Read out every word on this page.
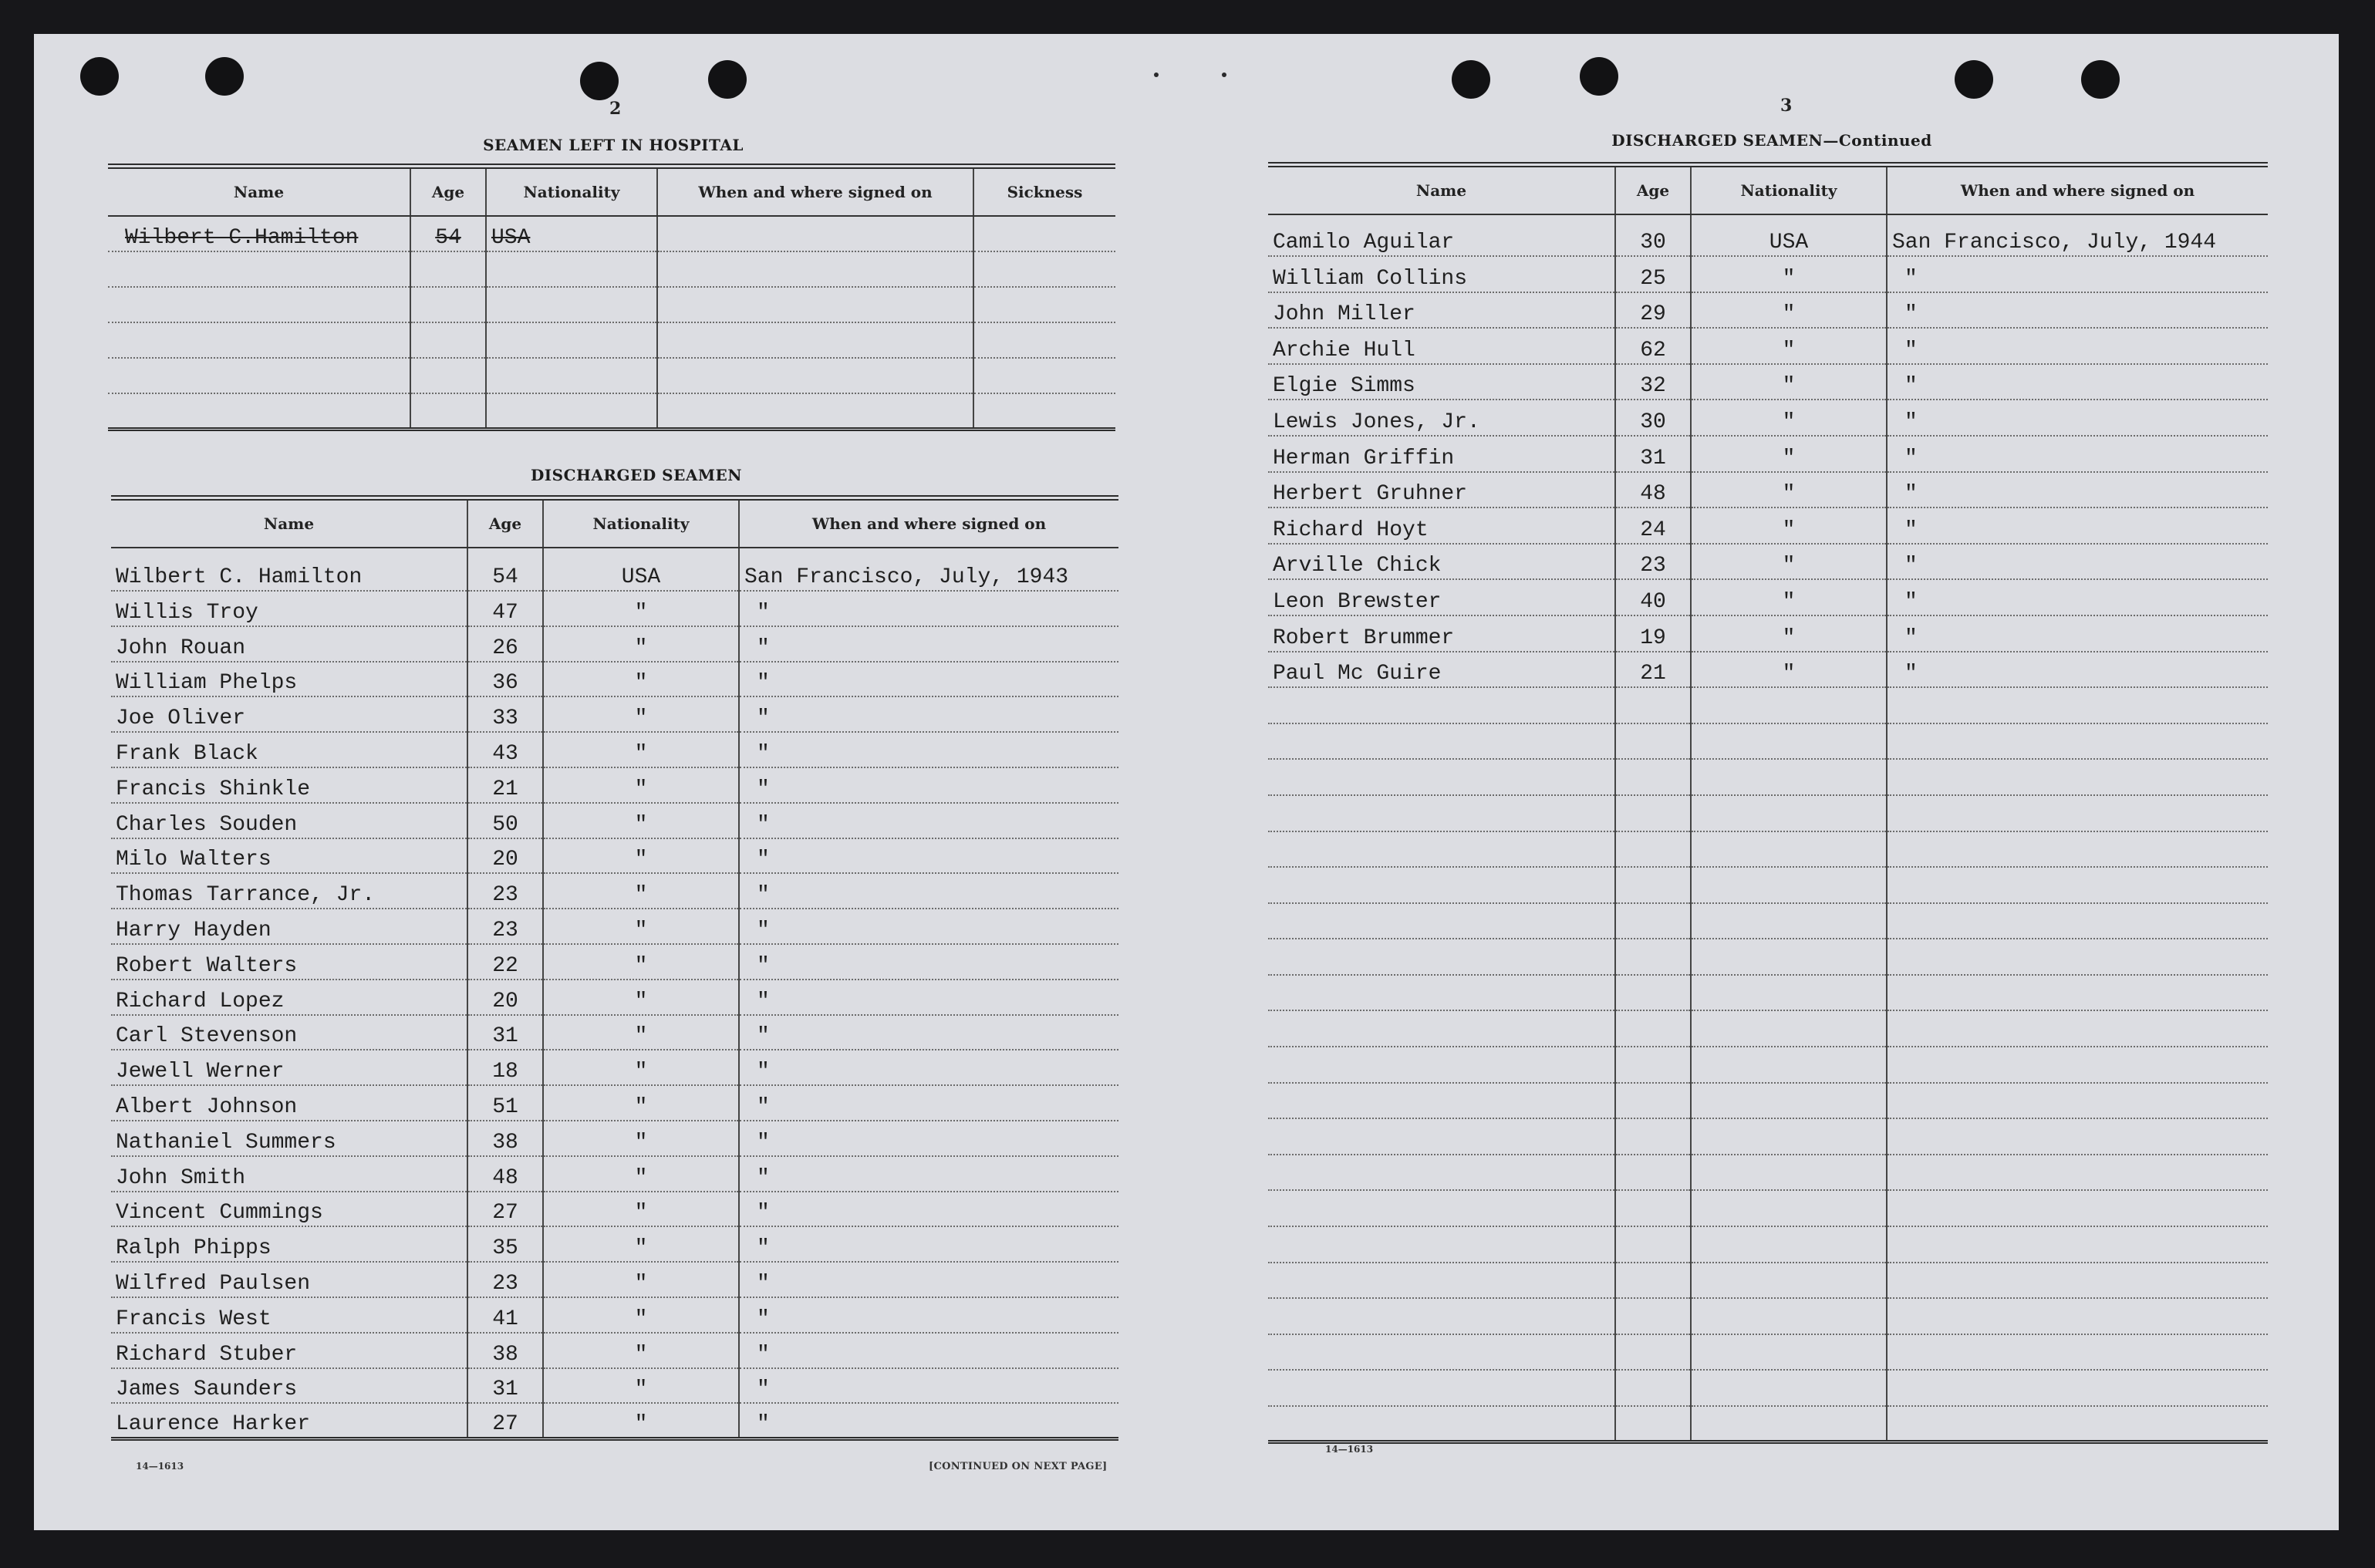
2
SEAMEN LEFT IN HOSPITAL
Name	Age	Nationality	When and where signed on	Sickness
Wilbert C.Hamilton	54	USA		

DISCHARGED SEAMEN
Name	Age	Nationality	When and where signed on
Wilbert C. Hamilton	54	USA	San Francisco, July, 1943
Willis Troy	47	"	"
John Rouan	26	"	"
William Phelps	36	"	"
Joe Oliver	33	"	"
Frank Black	43	"	"
Francis Shinkle	21	"	"
Charles Souden	50	"	"
Milo Walters	20	"	"
Thomas Tarrance, Jr.	23	"	"
Harry Hayden	23	"	"
Robert Walters	22	"	"
Richard Lopez	20	"	"
Carl Stevenson	31	"	"
Jewell Werner	18	"	"
Albert Johnson	51	"	"
Nathaniel Summers	38	"	"
John Smith	48	"	"
Vincent Cummings	27	"	"
Ralph Phipps	35	"	"
Wilfred Paulsen	23	"	"
Francis West	41	"	"
Richard Stuber	38	"	"
James Saunders	31	"	"
Laurence Harker	27	"	"
14—1613	[CONTINUED ON NEXT PAGE]
3
DISCHARGED SEAMEN—Continued
Name	Age	Nationality	When and where signed on
Camilo Aguilar	30	USA	San Francisco, July, 1944
William Collins	25	"	"
John Miller	29	"	"
Archie Hull	62	"	"
Elgie Simms	32	"	"
Lewis Jones, Jr.	30	"	"
Herman Griffin	31	"	"
Herbert Gruhner	48	"	"
Richard Hoyt	24	"	"
Arville Chick	23	"	"
Leon Brewster	40	"	"
Robert Brummer	19	"	"
Paul Mc Guire	21	"	"

14—1613
